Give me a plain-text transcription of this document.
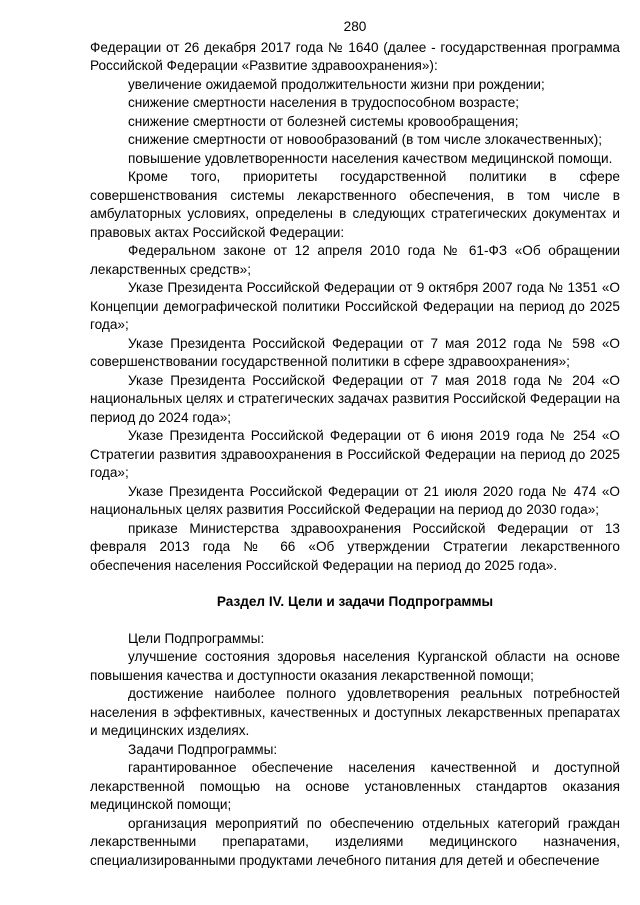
280

Федерации от 26 декабря 2017 года № 1640 (далее - государственная программа Российской Федерации «Развитие здравоохранения»):

увеличение ожидаемой продолжительности жизни при рождении;

снижение смертности населения в трудоспособном возрасте;

снижение смертности от болезней системы кровообращения;

снижение смертности от новообразований (в том числе злокачественных);

повышение удовлетворенности населения качеством медицинской помощи.

Кроме того, приоритеты государственной политики в сфере совершенствования системы лекарственного обеспечения, в том числе в амбулаторных условиях, определены в следующих стратегических документах и правовых актах Российской Федерации:

Федеральном законе от 12 апреля 2010 года № 61-ФЗ «Об обращении лекарственных средств»;

Указе Президента Российской Федерации от 9 октября 2007 года № 1351 «О Концепции демографической политики Российской Федерации на период до 2025 года»;

Указе Президента Российской Федерации от 7 мая 2012 года № 598 «О совершенствовании государственной политики в сфере здравоохранения»;

Указе Президента Российской Федерации от 7 мая 2018 года № 204 «О национальных целях и стратегических задачах развития Российской Федерации на период до 2024 года»;

Указе Президента Российской Федерации от 6 июня 2019 года № 254 «О Стратегии развития здравоохранения в Российской Федерации на период до 2025 года»;

Указе Президента Российской Федерации от 21 июля 2020 года № 474 «О национальных целях развития Российской Федерации на период до 2030 года»;

приказе Министерства здравоохранения Российской Федерации от 13 февраля 2013 года № 66 «Об утверждении Стратегии лекарственного обеспечения населения Российской Федерации на период до 2025 года».

Раздел IV. Цели и задачи Подпрограммы

Цели Подпрограммы:

улучшение состояния здоровья населения Курганской области на основе повышения качества и доступности оказания лекарственной помощи;

достижение наиболее полного удовлетворения реальных потребностей населения в эффективных, качественных и доступных лекарственных препаратах и медицинских изделиях.

Задачи Подпрограммы:

гарантированное обеспечение населения качественной и доступной лекарственной помощью на основе установленных стандартов оказания медицинской помощи;

организация мероприятий по обеспечению отдельных категорий граждан лекарственными препаратами, изделиями медицинского назначения, специализированными продуктами лечебного питания для детей и обеспечение
